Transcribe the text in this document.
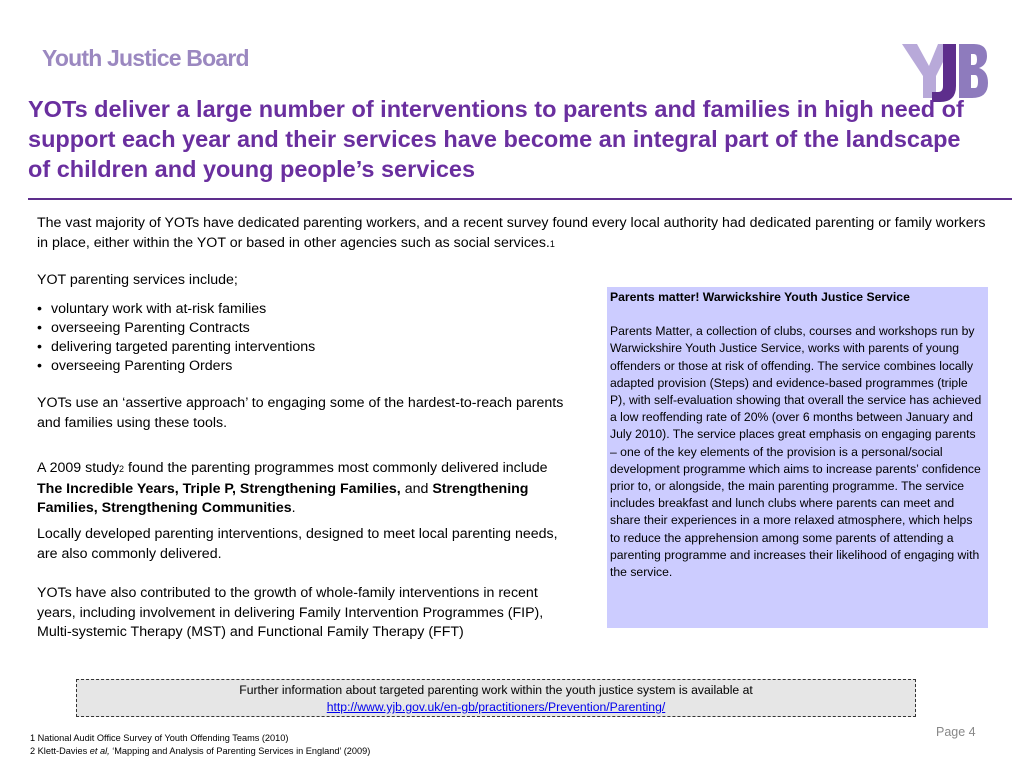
Youth Justice Board
YOTs deliver a large number of interventions to parents and families in high need of support each year and their services have become an integral part of the landscape of children and young people’s services
The vast majority of YOTs have dedicated parenting workers, and a recent survey found every local authority had dedicated parenting or family workers in place, either within the YOT or based in other agencies such as social services.1
YOT parenting services include;
• voluntary work with at-risk families
• overseeing Parenting Contracts
• delivering targeted parenting interventions
• overseeing Parenting Orders
YOTs use an ‘assertive approach’ to engaging some of the hardest-to-reach parents and families using these tools.
A 2009 study2 found the parenting programmes most commonly delivered include The Incredible Years, Triple P, Strengthening Families, and Strengthening Families, Strengthening Communities.
Locally developed parenting interventions, designed to meet local parenting needs, are also commonly delivered.
YOTs have also contributed to the growth of whole-family interventions in recent years, including involvement in delivering Family Intervention Programmes (FIP), Multi-systemic Therapy (MST) and Functional Family Therapy (FFT)
Parents matter! Warwickshire Youth Justice Service
Parents Matter, a collection of clubs, courses and workshops run by Warwickshire Youth Justice Service, works with parents of young offenders or those at risk of offending. The service combines locally adapted provision (Steps) and evidence-based programmes (triple P), with self-evaluation showing that overall the service has achieved a low reoffending rate of 20% (over 6 months between January and July 2010). The service places great emphasis on engaging parents – one of the key elements of the provision is a personal/social development programme which aims to increase parents’ confidence prior to, or alongside, the main parenting programme. The service includes breakfast and lunch clubs where parents can meet and share their experiences in a more relaxed atmosphere, which helps to reduce the apprehension among some parents of attending a parenting programme and increases their likelihood of engaging with the service.
Further information about targeted parenting work within the youth justice system is available at
http://www.yjb.gov.uk/en-gb/practitioners/Prevention/Parenting/
Page 4
1 National Audit Office Survey of Youth Offending Teams (2010)
2 Klett-Davies et al, ‘Mapping and Analysis of Parenting Services in England’ (2009)
